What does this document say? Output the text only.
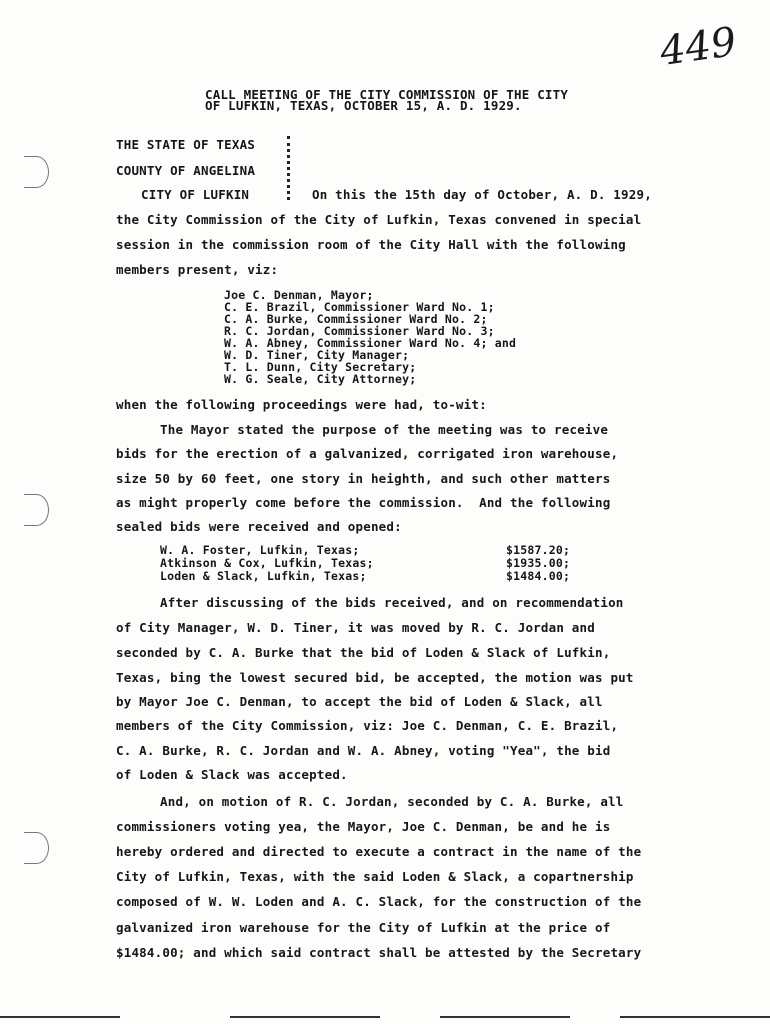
449
CALL MEETING OF THE CITY COMMISSION OF THE CITY
OF LUFKIN, TEXAS, OCTOBER 15, A. D. 1929.
THE STATE OF TEXAS
COUNTY OF ANGELINA
CITY OF LUFKIN	On this the 15th day of October, A. D. 1929,
the City Commission of the City of Lufkin, Texas convened in special
session in the commission room of the City Hall with the following
members present, viz:
Joe C. Denman, Mayor;
C. E. Brazil, Commissioner Ward No. 1;
C. A. Burke, Commissioner Ward No. 2;
R. C. Jordan, Commissioner Ward No. 3;
W. A. Abney, Commissioner Ward No. 4; and
W. D. Tiner, City Manager;
T. L. Dunn, City Secretary;
W. G. Seale, City Attorney;
when the following proceedings were had, to-wit:
The Mayor stated the purpose of the meeting was to receive
bids for the erection of a galvanized, corrigated iron warehouse,
size 50 by 60 feet, one story in heighth, and such other matters
as might properly come before the commission.  And the following
sealed bids were received and opened:
W. A. Foster, Lufkin, Texas;	$1587.20;
Atkinson & Cox, Lufkin, Texas;	$1935.00;
Loden & Slack, Lufkin, Texas;	$1484.00;
After discussing of the bids received, and on recommendation
of City Manager, W. D. Tiner, it was moved by R. C. Jordan and
seconded by C. A. Burke that the bid of Loden & Slack of Lufkin,
Texas, bing the lowest secured bid, be accepted, the motion was put
by Mayor Joe C. Denman, to accept the bid of Loden & Slack, all
members of the City Commission, viz: Joe C. Denman, C. E. Brazil,
C. A. Burke, R. C. Jordan and W. A. Abney, voting "Yea", the bid
of Loden & Slack was accepted.
And, on motion of R. C. Jordan, seconded by C. A. Burke, all
commissioners voting yea, the Mayor, Joe C. Denman, be and he is
hereby ordered and directed to execute a contract in the name of the
City of Lufkin, Texas, with the said Loden & Slack, a copartnership
composed of W. W. Loden and A. C. Slack, for the construction of the
galvanized iron warehouse for the City of Lufkin at the price of
$1484.00; and which said contract shall be attested by the Secretary
